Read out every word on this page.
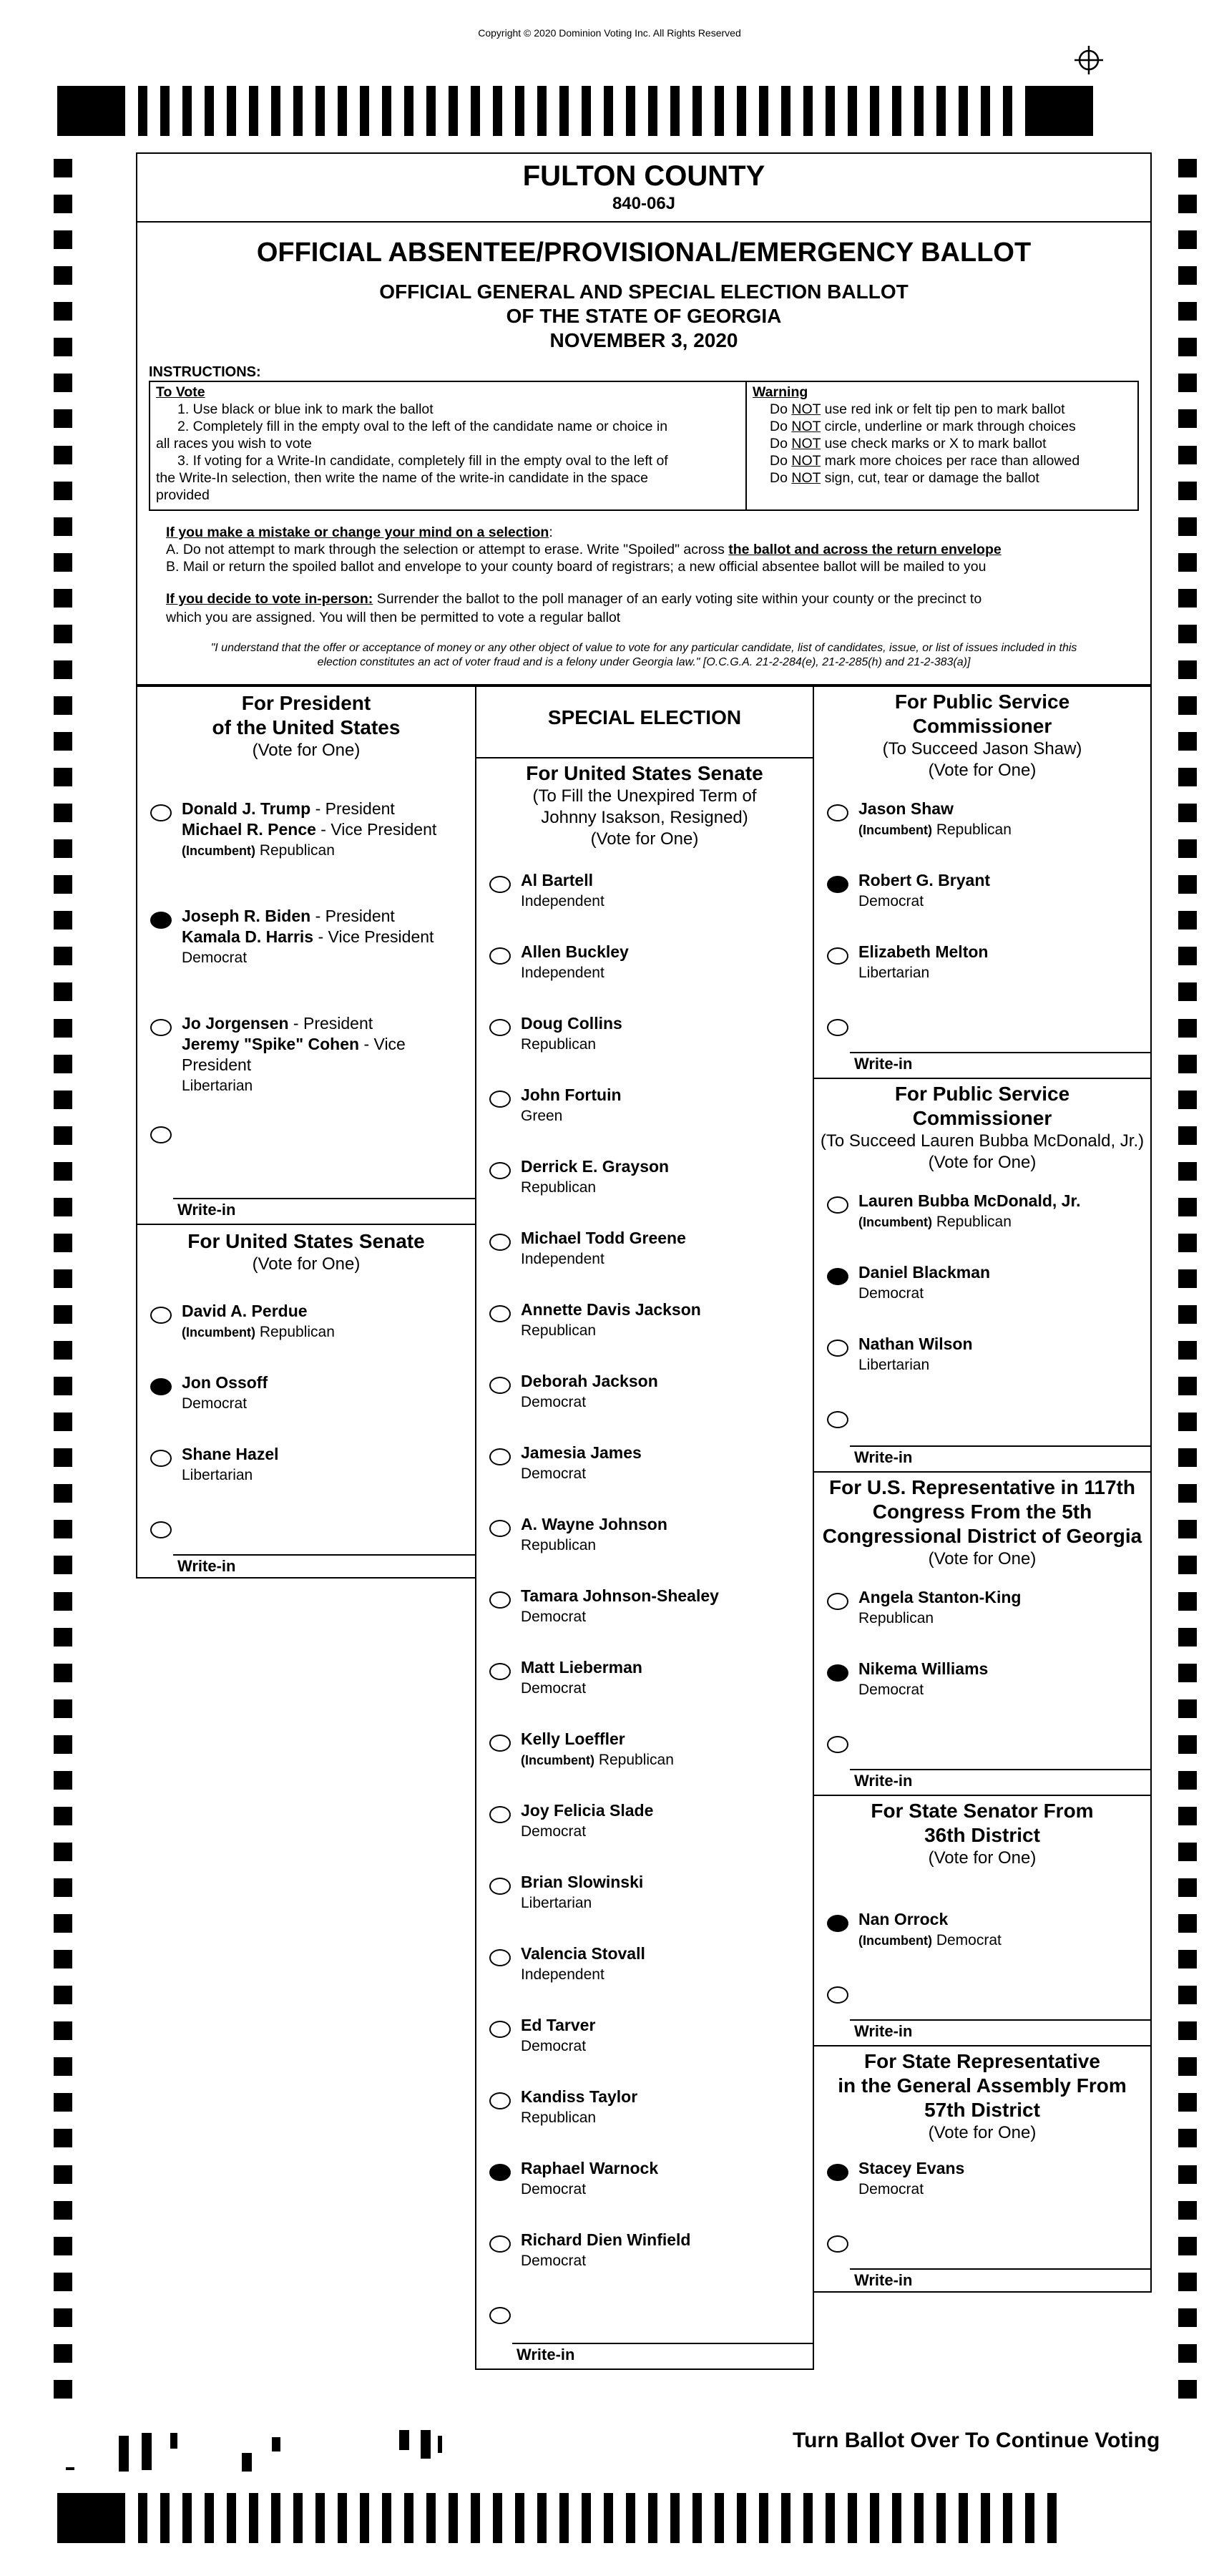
Copyright © 2020 Dominion Voting Inc. All Rights Reserved
FULTON COUNTY
840-06J
OFFICIAL ABSENTEE/PROVISIONAL/EMERGENCY BALLOT
OFFICIAL GENERAL AND SPECIAL ELECTION BALLOT
OF THE STATE OF GEORGIA
NOVEMBER 3, 2020
INSTRUCTIONS:
To Vote
1. Use black or blue ink to mark the ballot
2. Completely fill in the empty oval to the left of the candidate name or choice in
all races you wish to vote
3. If voting for a Write-In candidate, completely fill in the empty oval to the left of
the Write-In selection, then write the name of the write-in candidate in the space
provided
Warning
Do NOT use red ink or felt tip pen to mark ballot
Do NOT circle, underline or mark through choices
Do NOT use check marks or X to mark ballot
Do NOT mark more choices per race than allowed
Do NOT sign, cut, tear or damage the ballot
If you make a mistake or change your mind on a selection:
A. Do not attempt to mark through the selection or attempt to erase. Write "Spoiled" across the ballot and across the return envelope
B. Mail or return the spoiled ballot and envelope to your county board of registrars; a new official absentee ballot will be mailed to you
If you decide to vote in-person: Surrender the ballot to the poll manager of an early voting site within your county or the precinct to
which you are assigned. You will then be permitted to vote a regular ballot
"I understand that the offer or acceptance of money or any other object of value to vote for any particular candidate, list of candidates, issue, or list of issues included in this
election constitutes an act of voter fraud and is a felony under Georgia law." [O.C.G.A. 21-2-284(e), 21-2-285(h) and 21-2-383(a)]
For President
of the United States
(Vote for One)
Donald J. Trump - President
Michael R. Pence - Vice President
(Incumbent) Republican
Joseph R. Biden - President
Kamala D. Harris - Vice President
Democrat
Jo Jorgensen - President
Jeremy "Spike" Cohen - Vice President
Libertarian
Write-in
For United States Senate
(Vote for One)
David A. Perdue
(Incumbent) Republican
Jon Ossoff
Democrat
Shane Hazel
Libertarian
Write-in
SPECIAL ELECTION
For United States Senate
(To Fill the Unexpired Term of
Johnny Isakson, Resigned)
(Vote for One)
Al Bartell
Independent
Allen Buckley
Independent
Doug Collins
Republican
John Fortuin
Green
Derrick E. Grayson
Republican
Michael Todd Greene
Independent
Annette Davis Jackson
Republican
Deborah Jackson
Democrat
Jamesia James
Democrat
A. Wayne Johnson
Republican
Tamara Johnson-Shealey
Democrat
Matt Lieberman
Democrat
Kelly Loeffler
(Incumbent) Republican
Joy Felicia Slade
Democrat
Brian Slowinski
Libertarian
Valencia Stovall
Independent
Ed Tarver
Democrat
Kandiss Taylor
Republican
Raphael Warnock
Democrat
Richard Dien Winfield
Democrat
Write-in
For Public Service
Commissioner
(To Succeed Jason Shaw)
(Vote for One)
Jason Shaw
(Incumbent) Republican
Robert G. Bryant
Democrat
Elizabeth Melton
Libertarian
Write-in
For Public Service
Commissioner
(To Succeed Lauren Bubba McDonald, Jr.)
(Vote for One)
Lauren Bubba McDonald, Jr.
(Incumbent) Republican
Daniel Blackman
Democrat
Nathan Wilson
Libertarian
Write-in
For U.S. Representative in 117th
Congress From the 5th
Congressional District of Georgia
(Vote for One)
Angela Stanton-King
Republican
Nikema Williams
Democrat
Write-in
For State Senator From
36th District
(Vote for One)
Nan Orrock
(Incumbent) Democrat
Write-in
For State Representative
in the General Assembly From
57th District
(Vote for One)
Stacey Evans
Democrat
Write-in
Turn Ballot Over To Continue Voting
